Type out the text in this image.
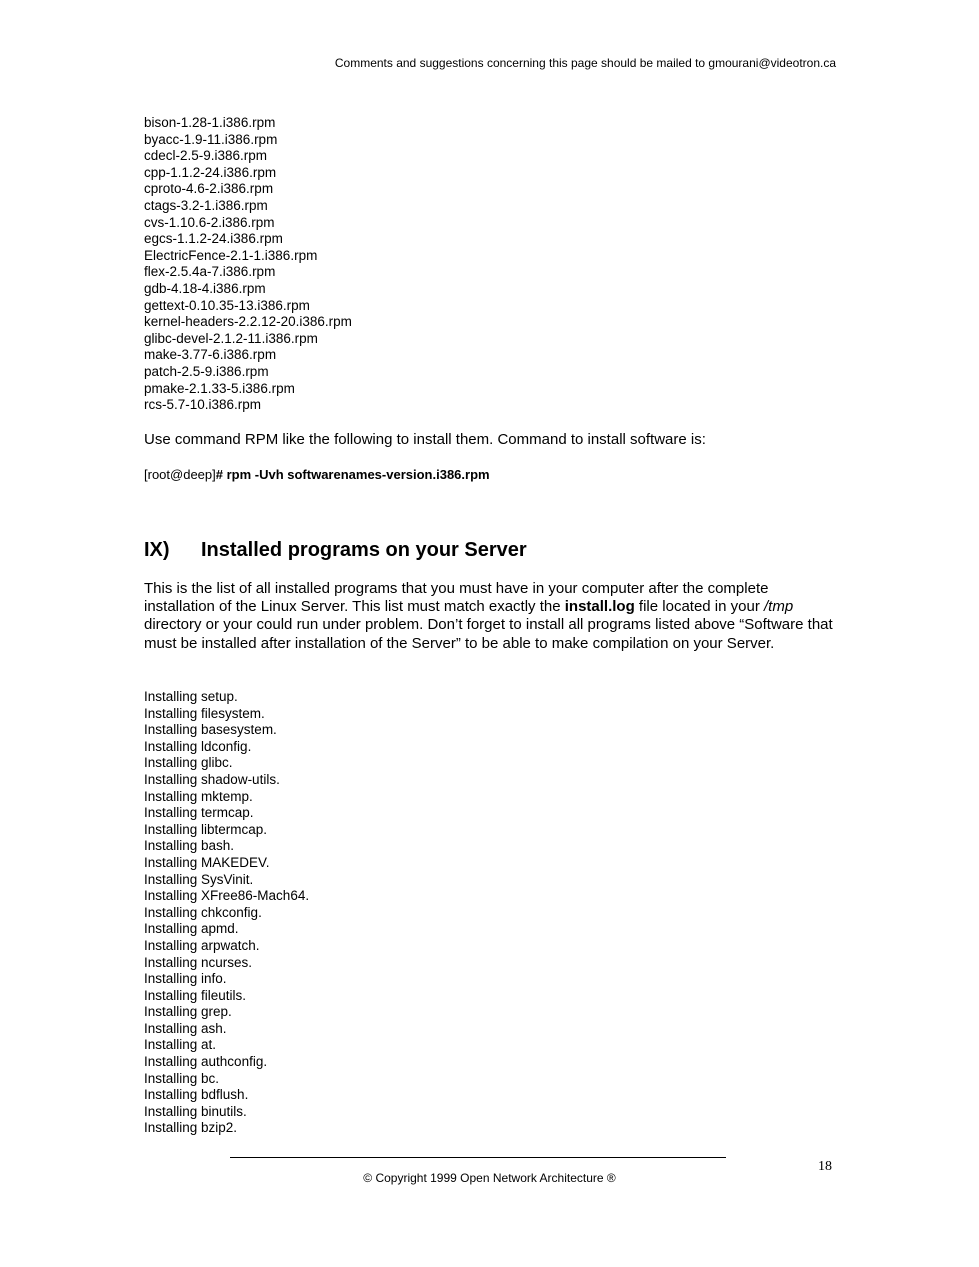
Comments and suggestions concerning this page should be mailed to gmourani@videotron.ca
bison-1.28-1.i386.rpm
byacc-1.9-11.i386.rpm
cdecl-2.5-9.i386.rpm
cpp-1.1.2-24.i386.rpm
cproto-4.6-2.i386.rpm
ctags-3.2-1.i386.rpm
cvs-1.10.6-2.i386.rpm
egcs-1.1.2-24.i386.rpm
ElectricFence-2.1-1.i386.rpm
flex-2.5.4a-7.i386.rpm
gdb-4.18-4.i386.rpm
gettext-0.10.35-13.i386.rpm
kernel-headers-2.2.12-20.i386.rpm
glibc-devel-2.1.2-11.i386.rpm
make-3.77-6.i386.rpm
patch-2.5-9.i386.rpm
pmake-2.1.33-5.i386.rpm
rcs-5.7-10.i386.rpm

Use command RPM like the following to install them. Command to install software is:

[root@deep]# rpm -Uvh softwarenames-version.i386.rpm

IX) Installed programs on your Server

This is the list of all installed programs that you must have in your computer after the complete installation of the Linux Server. This list must match exactly the install.log file located in your /tmp directory or your could run under problem. Don’t forget to install all programs listed above “Software that must be installed after installation of the Server” to be able to make compilation on your Server.

Installing setup.
Installing filesystem.
Installing basesystem.
Installing ldconfig.
Installing glibc.
Installing shadow-utils.
Installing mktemp.
Installing termcap.
Installing libtermcap.
Installing bash.
Installing MAKEDEV.
Installing SysVinit.
Installing XFree86-Mach64.
Installing chkconfig.
Installing apmd.
Installing arpwatch.
Installing ncurses.
Installing info.
Installing fileutils.
Installing grep.
Installing ash.
Installing at.
Installing authconfig.
Installing bc.
Installing bdflush.
Installing binutils.
Installing bzip2.
18
© Copyright 1999 Open Network Architecture ®
